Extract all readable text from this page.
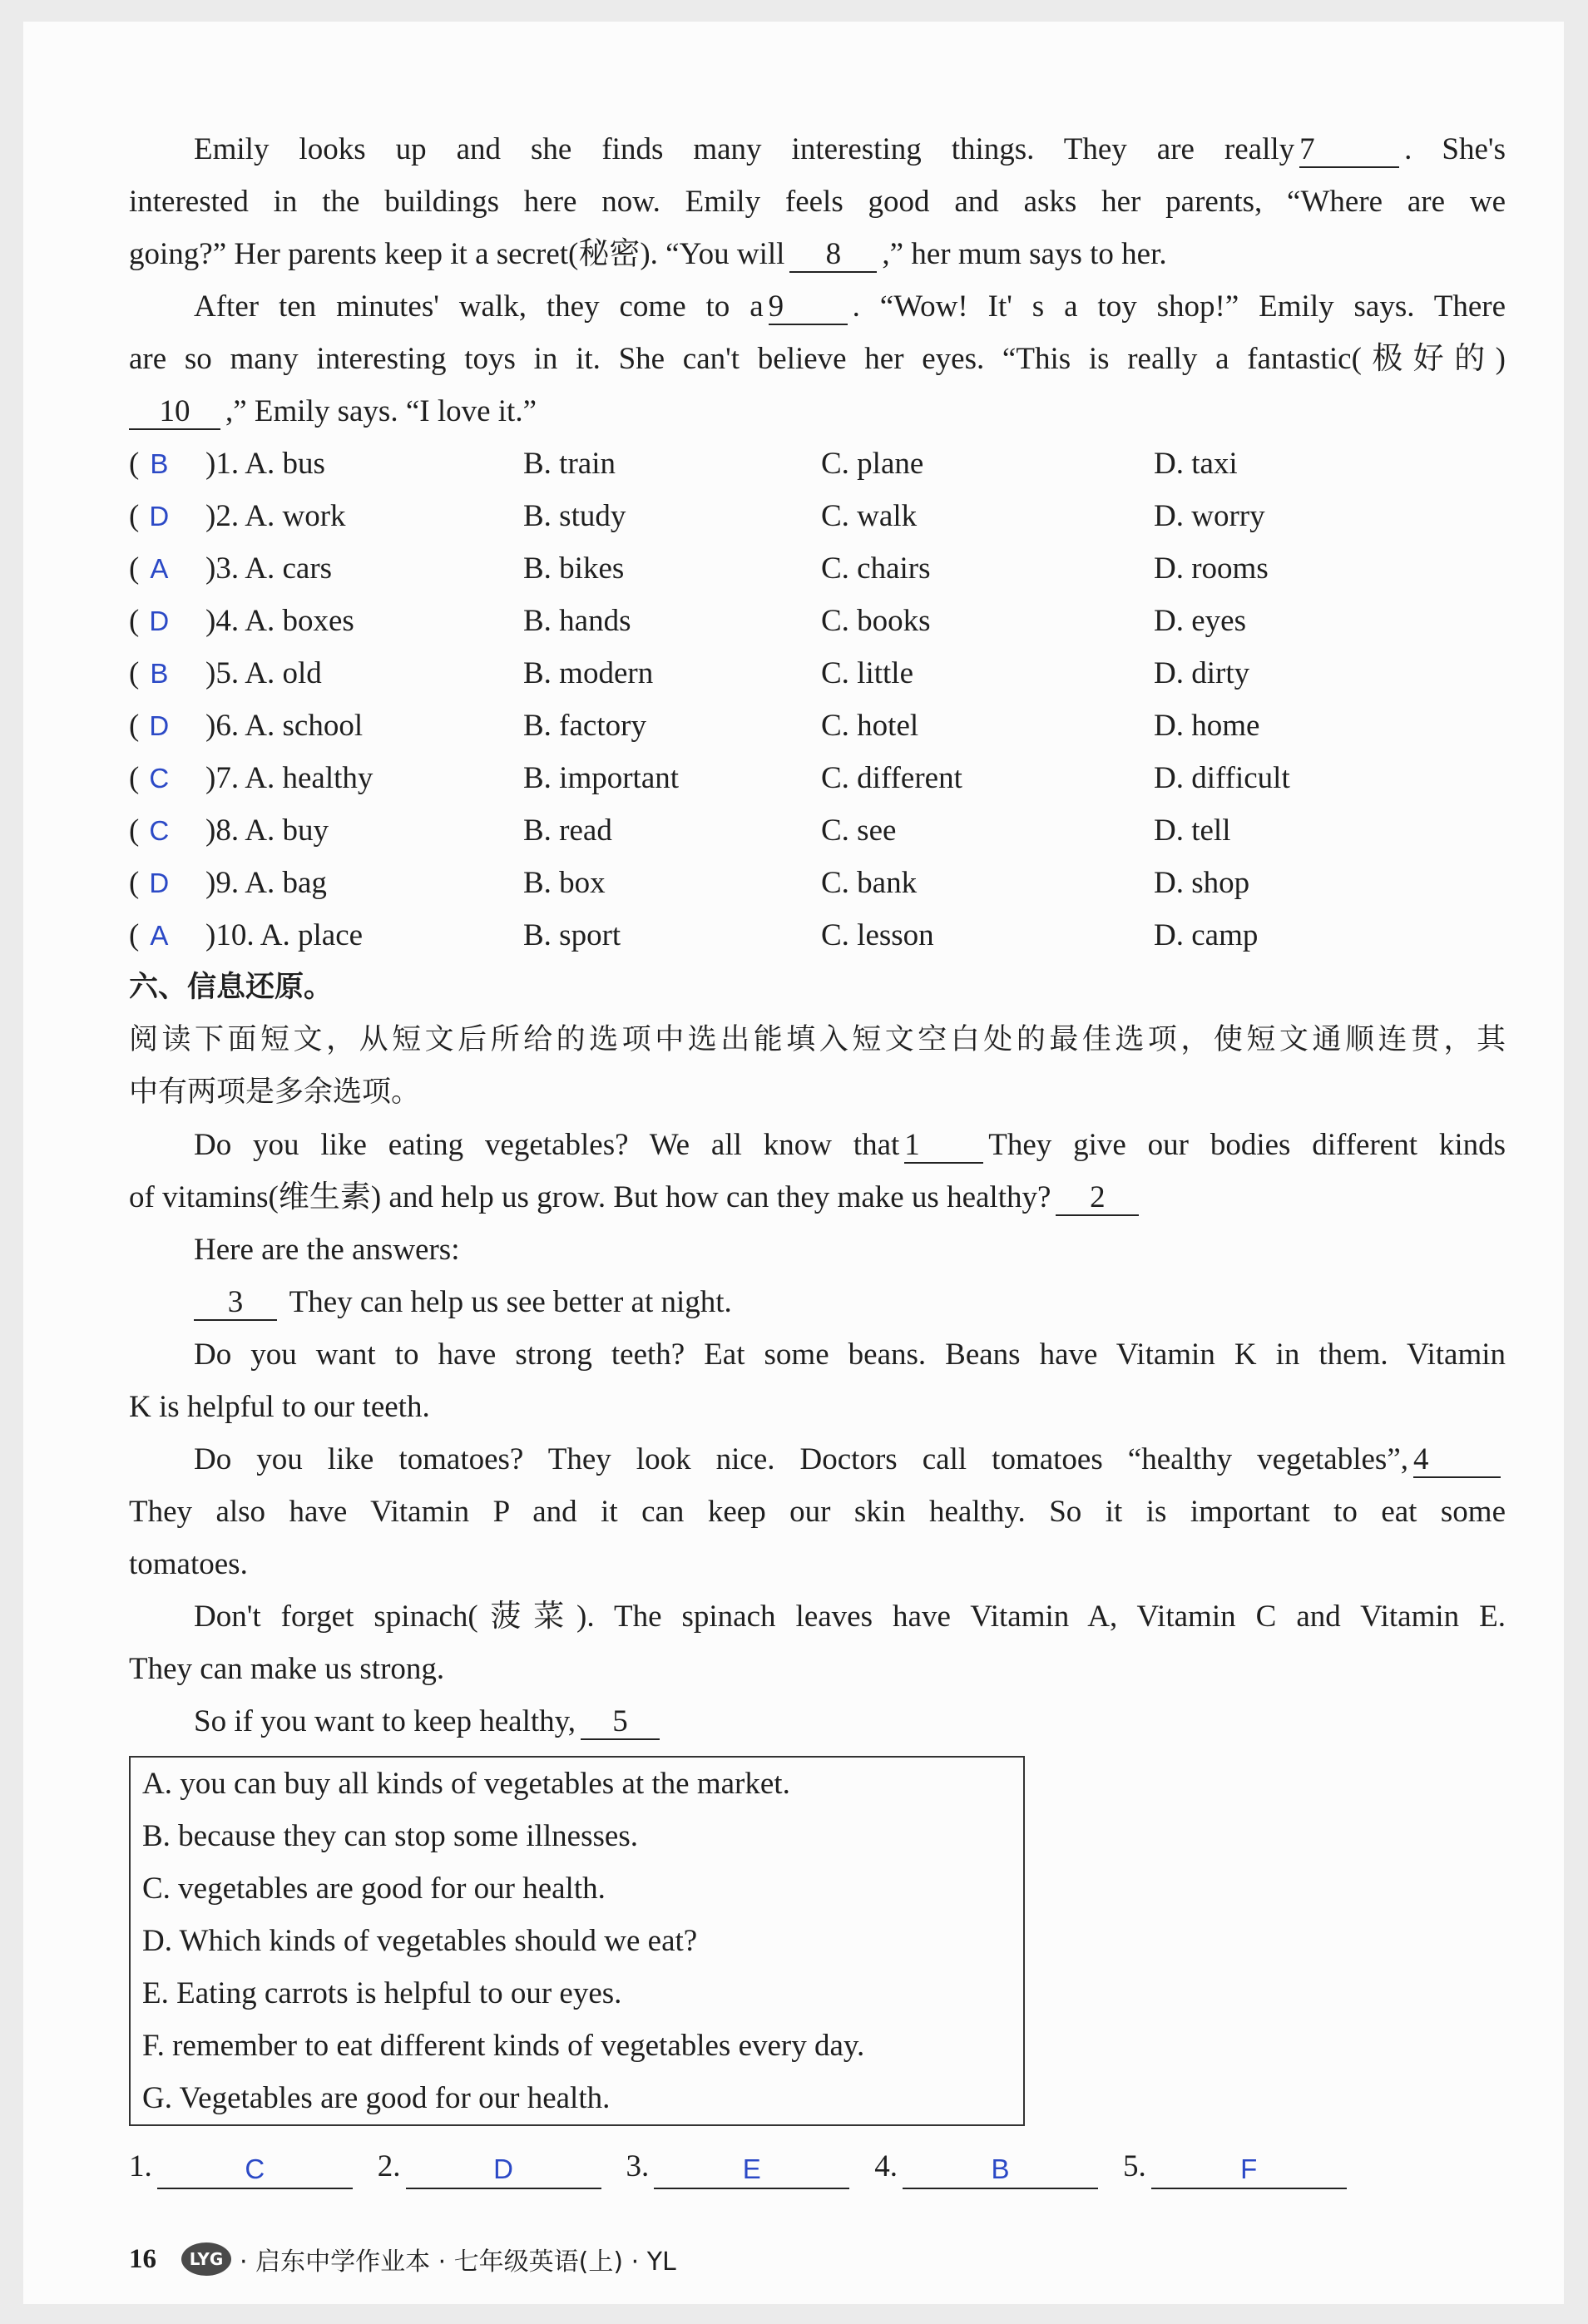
Emily looks up and she finds many interesting things. They are really 7	. She's

interested in the buildings here now. Emily feels good and asks her parents, “Where are we

going?” Her parents keep it a secret(秘密). “You will 8 ,” her mum says to her.

After ten minutes' walk, they come to a 9 . “Wow! It' s a toy shop!” Emily says. There

are so many interesting toys in it. She can't believe her eyes. “This is really a fantastic(极好的)

10 ,” Emily says. “I love it.”

( B	)1. A. bus	B. train	C. plane	D. taxi
( D	)2. A. work	B. study	C. walk	D. worry
( A	)3. A. cars	B. bikes	C. chairs	D. rooms
( D	)4. A. boxes	B. hands	C. books	D. eyes
( B	)5. A. old	B. modern	C. little	D. dirty
( D	)6. A. school	B. factory	C. hotel	D. home
( C	)7. A. healthy	B. important	C. different	D. difficult
( C	)8. A. buy	B. read	C. see	D. tell
( D	)9. A. bag	B. box	C. bank	D. shop
( A	)10. A. place	B. sport	C. lesson	D. camp

六、信息还原。

阅读下面短文，从短文后所给的选项中选出能填入短文空白处的最佳选项，使短文通顺连贯，其

中有两项是多余选项。

Do you like eating vegetables? We all know that 1 They give our bodies different kinds

of vitamins(维生素) and help us grow. But how can they make us healthy? 2

Here are the answers:

3 They can help us see better at night.

Do you want to have strong teeth? Eat some beans. Beans have Vitamin K in them. Vitamin

K is helpful to our teeth.

Do you like tomatoes? They look nice. Doctors call tomatoes “healthy vegetables”, 4

They also have Vitamin P and it can keep our skin healthy. So it is important to eat some

tomatoes.

Don't forget spinach(菠菜). The spinach leaves have Vitamin A, Vitamin C and Vitamin E.

They can make us strong.

So if you want to keep healthy, 5

A. you can buy all kinds of vegetables at the market.

B. because they can stop some illnesses.

C. vegetables are good for our health.

D. Which kinds of vegetables should we eat?

E. Eating carrots is helpful to our eyes.

F. remember to eat different kinds of vegetables every day.

G. Vegetables are good for our health.

1.	C	2.	D	3.	E	4.	B	5.	F
16	LYG · 启东中学作业本 · 七年级英语(上) · YL
